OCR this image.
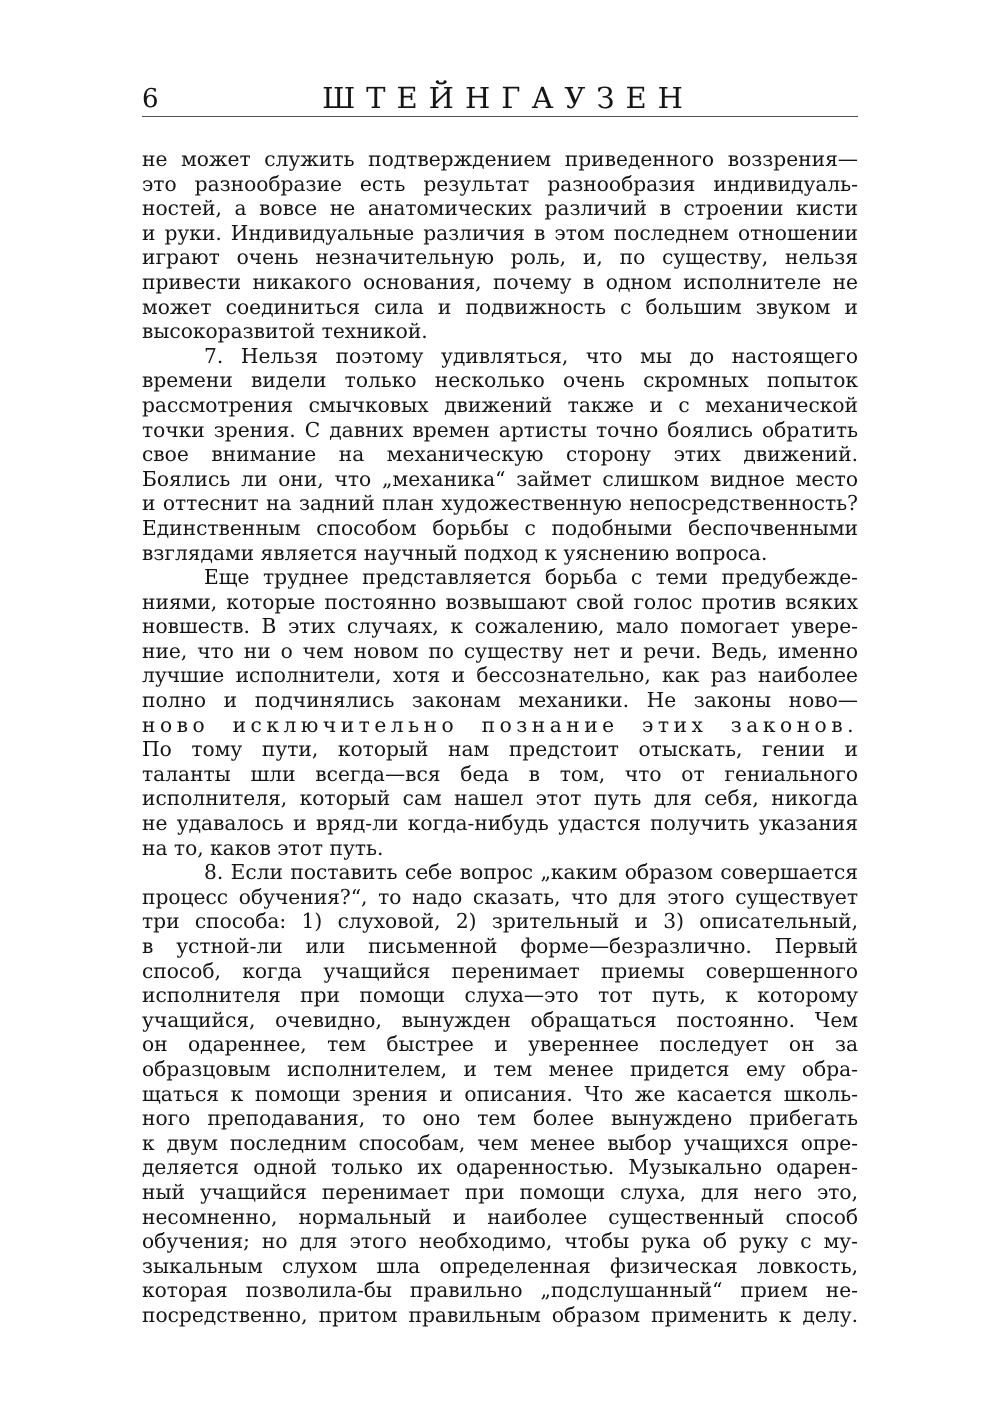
6	ШТЕЙНГАУЗЕН
не может служить подтверждением приведенного воззрения—
это разнообразие есть результат разнообразия индивидуаль-
ностей, а вовсе не анатомических различий в строении кисти
и руки. Индивидуальные различия в этом последнем отношении
играют очень незначительную роль, и, по существу, нельзя
привести никакого основания, почему в одном исполнителе не
может соединиться сила и подвижность с большим звуком и
высокоразвитой техникой.
7. Нельзя поэтому удивляться, что мы до настоящего
времени видели только несколько очень скромных попыток
рассмотрения смычковых движений также и с механической
точки зрения. С давних времен артисты точно боялись обратить
свое внимание на механическую сторону этих движений.
Боялись ли они, что „механика“ займет слишком видное место
и оттеснит на задний план художественную непосредственность?
Единственным способом борьбы с подобными беспочвенными
взглядами является научный подход к уяснению вопроса.
Еще труднее представляется борьба с теми предубежде-
ниями, которые постоянно возвышают свой голос против всяких
новшеств. В этих случаях, к сожалению, мало помогает увере-
ние, что ни о чем новом по существу нет и речи. Ведь, именно
лучшие исполнители, хотя и бессознательно, как раз наиболее
полно и подчинялись законам механики. Не законы ново—
ново исключительно познание этих законов.
По тому пути, который нам предстоит отыскать, гении и
таланты шли всегда—вся беда в том, что от гениального
исполнителя, который сам нашел этот путь для себя, никогда
не удавалось и вряд-ли когда-нибудь удастся получить указания
на то, каков этот путь.
8. Если поставить себе вопрос „каким образом совершается
процесс обучения?“, то надо сказать, что для этого существует
три способа: 1) слуховой, 2) зрительный и 3) описательный,
в устной-ли или письменной форме—безразлично. Первый
способ, когда учащийся перенимает приемы совершенного
исполнителя при помощи слуха—это тот путь, к которому
учащийся, очевидно, вынужден обращаться постоянно. Чем
он одареннее, тем быстрее и увереннее последует он за
образцовым исполнителем, и тем менее придется ему обра-
щаться к помощи зрения и описания. Что же касается школь-
ного преподавания, то оно тем более вынуждено прибегать
к двум последним способам, чем менее выбор учащихся опре-
деляется одной только их одаренностью. Музыкально одарен-
ный учащийся перенимает при помощи слуха, для него это,
несомненно, нормальный и наиболее существенный способ
обучения; но для этого необходимо, чтобы рука об руку с му-
зыкальным слухом шла определенная физическая ловкость,
которая позволила-бы правильно „подслушанный“ прием не-
посредственно, притом правильным образом применить к делу.
